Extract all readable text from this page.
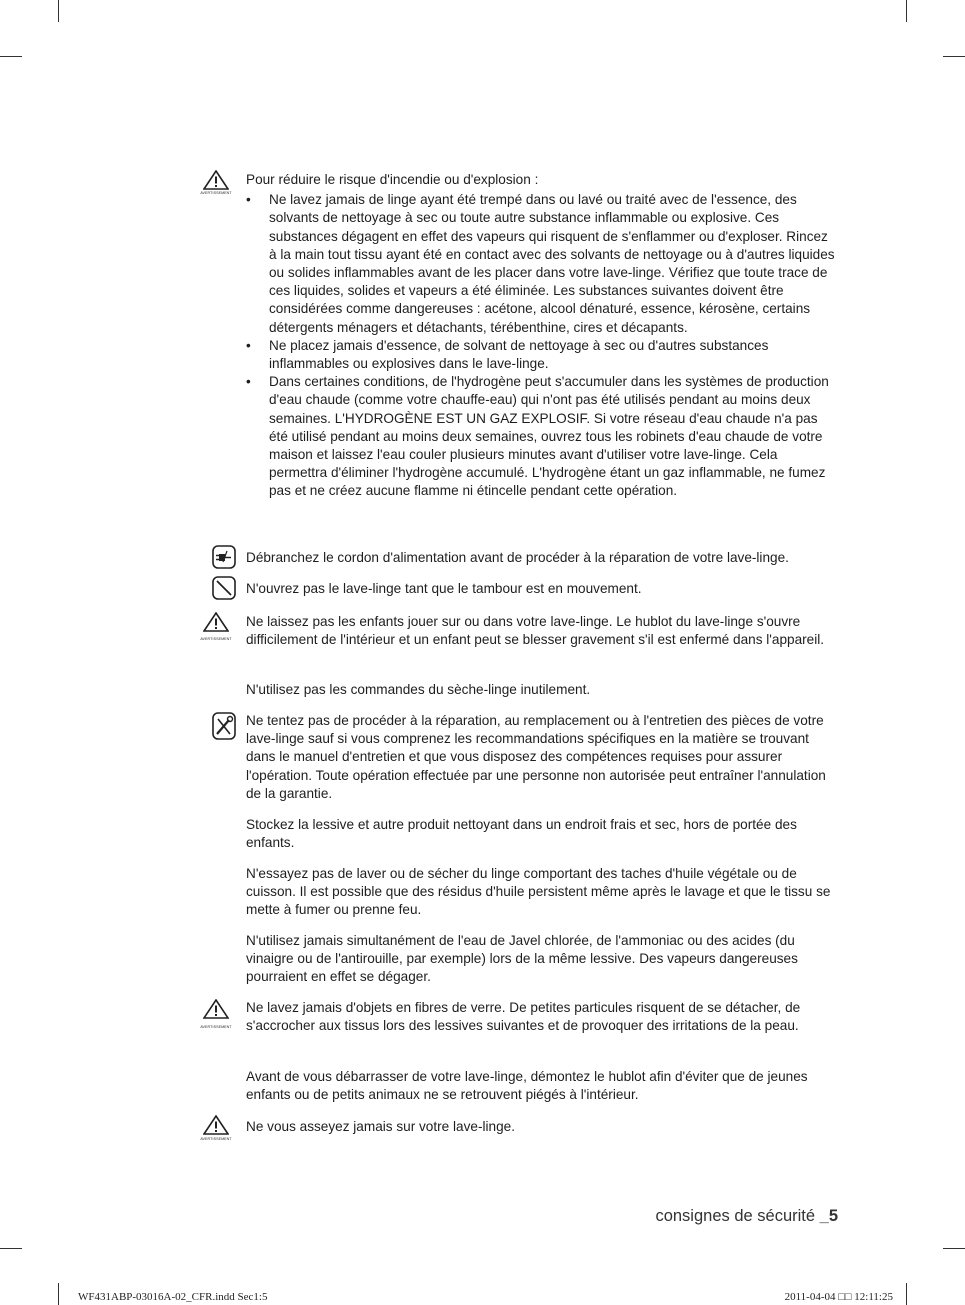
AVERTISSEMENT

Pour réduire le risque d'incendie ou d'explosion :

• Ne lavez jamais de linge ayant été trempé dans ou lavé ou traité avec de l'essence, des solvants de nettoyage à sec ou toute autre substance inflammable ou explosive. Ces substances dégagent en effet des vapeurs qui risquent de s'enflammer ou d'exploser. Rincez à la main tout tissu ayant été en contact avec des solvants de nettoyage ou à d'autres liquides ou solides inflammables avant de les placer dans votre lave-linge. Vérifiez que toute trace de ces liquides, solides et vapeurs a été éliminée. Les substances suivantes doivent être considérées comme dangereuses : acétone, alcool dénaturé, essence, kérosène, certains détergents ménagers et détachants, térébenthine, cires et décapants.
• Ne placez jamais d'essence, de solvant de nettoyage à sec ou d'autres substances inflammables ou explosives dans le lave-linge.
• Dans certaines conditions, de l'hydrogène peut s'accumuler dans les systèmes de production d'eau chaude (comme votre chauffe-eau) qui n'ont pas été utilisés pendant au moins deux semaines. L'HYDROGÈNE EST UN GAZ EXPLOSIF. Si votre réseau d'eau chaude n'a pas été utilisé pendant au moins deux semaines, ouvrez tous les robinets d'eau chaude de votre maison et laissez l'eau couler plusieurs minutes avant d'utiliser votre lave-linge. Cela permettra d'éliminer l'hydrogène accumulé. L'hydrogène étant un gaz inflammable, ne fumez pas et ne créez aucune flamme ni étincelle pendant cette opération.
Débranchez le cordon d'alimentation avant de procéder à la réparation de votre lave-linge.
N'ouvrez pas le lave-linge tant que le tambour est en mouvement.
AVERTISSEMENT
Ne laissez pas les enfants jouer sur ou dans votre lave-linge. Le hublot du lave-linge s'ouvre difficilement de l'intérieur et un enfant peut se blesser gravement s'il est enfermé dans l'appareil.
N'utilisez pas les commandes du sèche-linge inutilement.
Ne tentez pas de procéder à la réparation, au remplacement ou à l'entretien des pièces de votre lave-linge sauf si vous comprenez les recommandations spécifiques en la matière se trouvant dans le manuel d'entretien et que vous disposez des compétences requises pour assurer l'opération. Toute opération effectuée par une personne non autorisée peut entraîner l'annulation de la garantie.
Stockez la lessive et autre produit nettoyant dans un endroit frais et sec, hors de portée des enfants.
N'essayez pas de laver ou de sécher du linge comportant des taches d'huile végétale ou de cuisson. Il est possible que des résidus d'huile persistent même après le lavage et que le tissu se mette à fumer ou prenne feu.
N'utilisez jamais simultanément de l'eau de Javel chlorée, de l'ammoniac ou des acides (du vinaigre ou de l'antirouille, par exemple) lors de la même lessive. Des vapeurs dangereuses pourraient en effet se dégager.
AVERTISSEMENT
Ne lavez jamais d'objets en fibres de verre. De petites particules risquent de se détacher, de s'accrocher aux tissus lors des lessives suivantes et de provoquer des irritations de la peau.
Avant de vous débarrasser de votre lave-linge, démontez le hublot afin d'éviter que de jeunes enfants ou de petits animaux ne se retrouvent piégés à l'intérieur.
AVERTISSEMENT
Ne vous asseyez jamais sur votre lave-linge.
consignes de sécurité _5
WF431ABP-03016A-02_CFR.indd Sec1:5	2011-04-04 □□ 12:11:25
